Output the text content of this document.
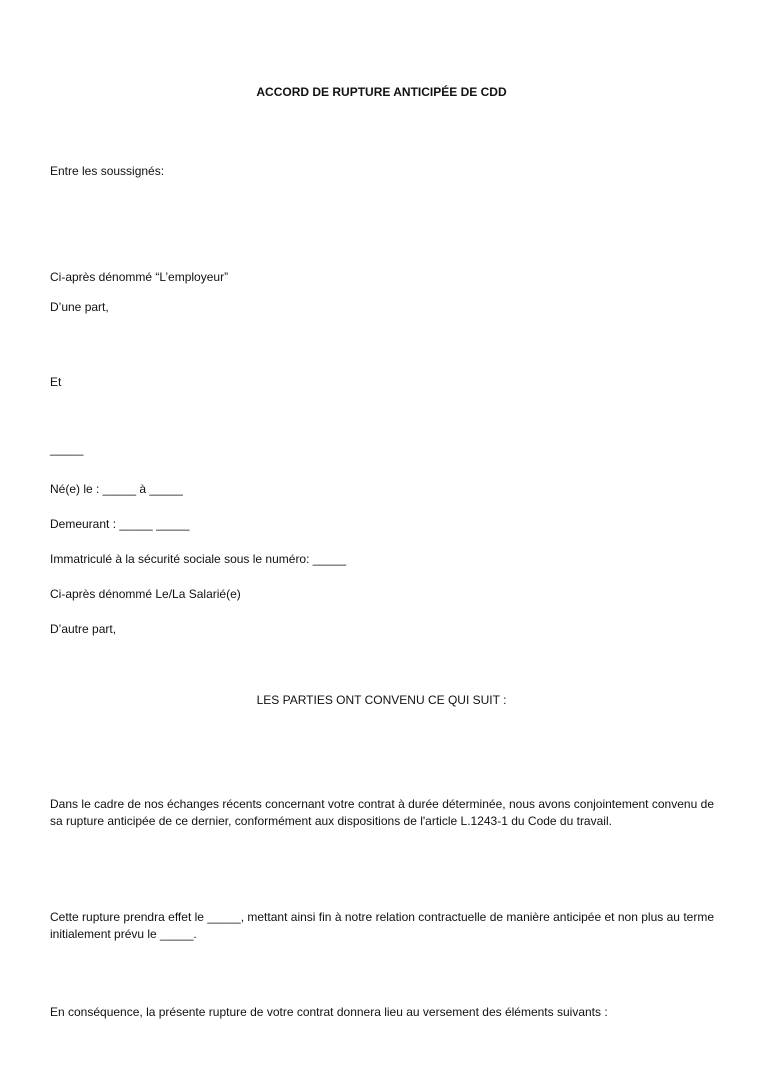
ACCORD DE RUPTURE ANTICIPÉE DE CDD
Entre les soussignés:
Ci-après dénommé “L’employeur”
D’une part,
Et
_____
Né(e) le : _____ à _____
Demeurant : _____ _____
Immatriculé à la sécurité sociale sous le numéro: _____
Ci-après dénommé Le/La Salarié(e)
D’autre part,
LES PARTIES ONT CONVENU CE QUI SUIT :
Dans le cadre de nos échanges récents concernant votre contrat à durée déterminée, nous avons conjointement convenu de sa rupture anticipée de ce dernier, conformément aux dispositions de l'article L.1243-1 du Code du travail.
Cette rupture prendra effet le _____, mettant ainsi fin à notre relation contractuelle de manière anticipée et non plus au terme initialement prévu le _____.
En conséquence, la présente rupture de votre contrat donnera lieu au versement des éléments suivants :
